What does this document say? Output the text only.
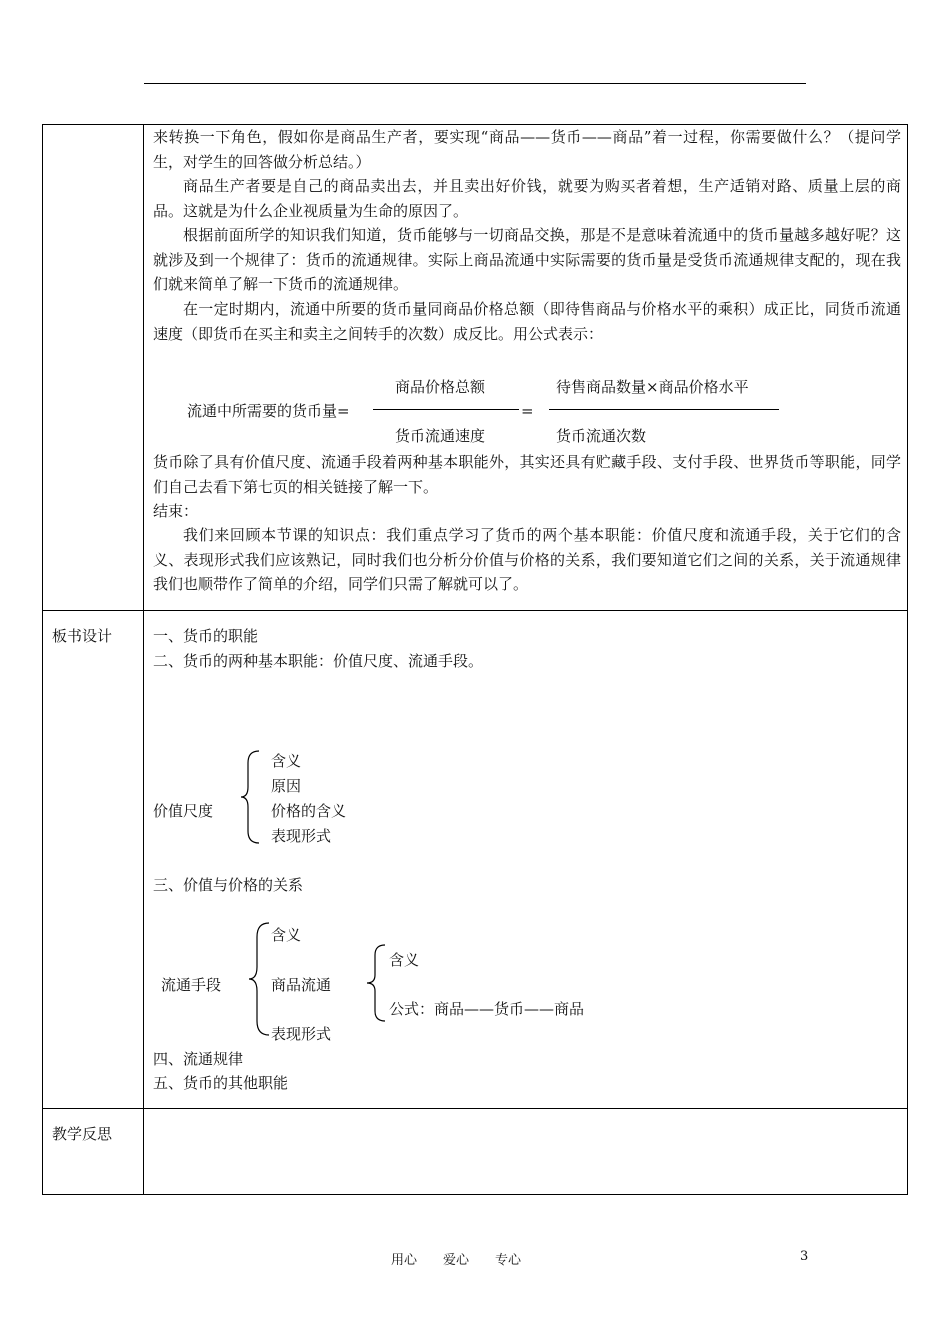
来转换一下角色，假如你是商品生产者，要实现“商品——货币——商品”着一过程，你需要做什么？（提问学生，对学生的回答做分析总结。）
商品生产者要是自己的商品卖出去，并且卖出好价钱，就要为购买者着想，生产适销对路、质量上层的商品。这就是为什么企业视质量为生命的原因了。
根据前面所学的知识我们知道，货币能够与一切商品交换，那是不是意味着流通中的货币量越多越好呢？这就涉及到一个规律了：货币的流通规律。实际上商品流通中实际需要的货币量是受货币流通规律支配的，现在我们就来简单了解一下货币的流通规律。
在一定时期内，流通中所要的货币量同商品价格总额（即待售商品与价格水平的乘积）成正比，同货币流通速度（即货币在买主和卖主之间转手的次数）成反比。用公式表示：
流通中所需要的货币量=
商品价格总额
货币流通速度
=
待售商品数量×商品价格水平
货币流通次数
货币除了具有价值尺度、流通手段着两种基本职能外，其实还具有贮藏手段、支付手段、世界货币等职能，同学们自己去看下第七页的相关链接了解一下。
结束：
我们来回顾本节课的知识点：我们重点学习了货币的两个基本职能：价值尺度和流通手段，关于它们的含义、表现形式我们应该熟记，同时我们也分析分价值与价格的关系，我们要知道它们之间的关系，关于流通规律我们也顺带作了简单的介绍，同学们只需了解就可以了。
板书设计	一、货币的职能
二、货币的两种基本职能：价值尺度、流通手段。
价值尺度
含义
原因
价格的含义
表现形式
三、价值与价格的关系
流通手段
含义
商品流通
表现形式
含义
公式：商品——货币——商品
四、流通规律
五、货币的其他职能
教学反思
用心　　爱心　　专心	3
